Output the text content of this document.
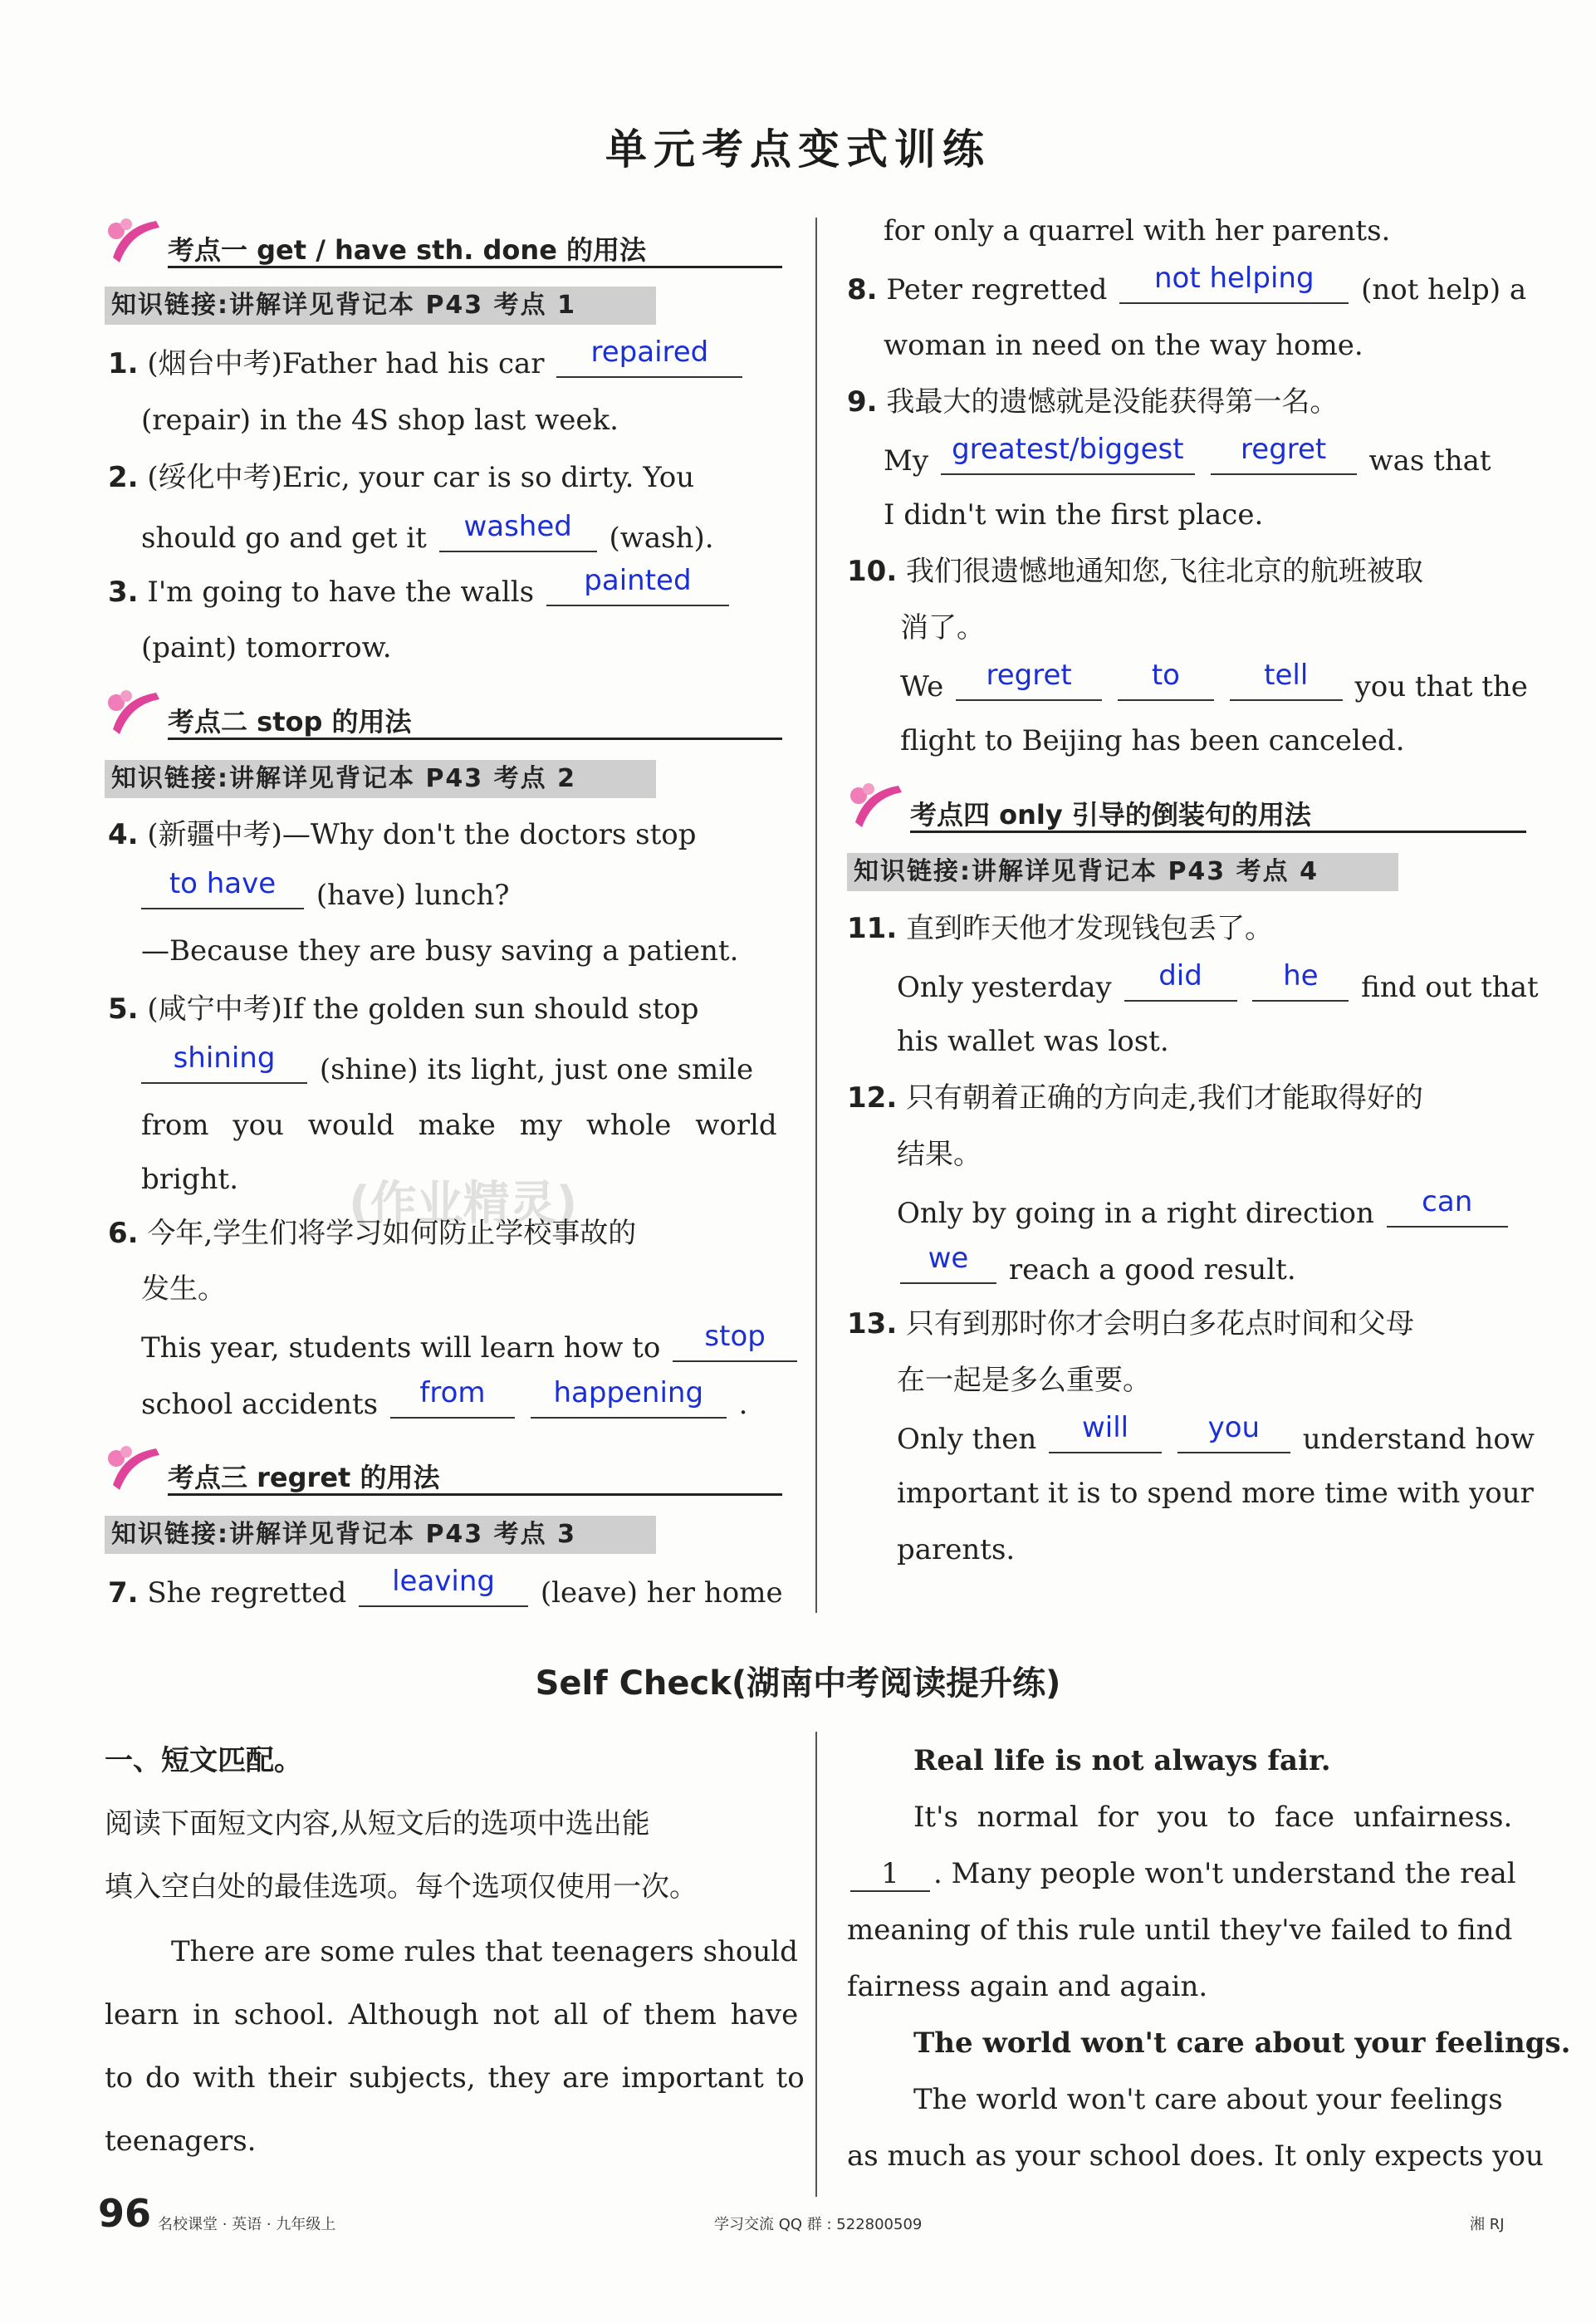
单元考点变式训练
考点一 get / have sth. done 的用法
知识链接:讲解详见背记本 P43 考点 1
1. (烟台中考)Father had his car repaired
(repair) in the 4S shop last week.
2. (绥化中考)Eric, your car is so dirty. You
should go and get it washed (wash).
3. I'm going to have the walls painted
(paint) tomorrow.
考点二 stop 的用法
知识链接:讲解详见背记本 P43 考点 2
4. (新疆中考)—Why don't the doctors stop
to have (have) lunch?
—Because they are busy saving a patient.
5. (咸宁中考)If the golden sun should stop
shining (shine) its light, just one smile
from you would make my whole world
bright. (作业精灵)
6. 今年,学生们将学习如何防止学校事故的
发生。
This year, students will learn how to stop
school accidents from happening .
考点三 regret 的用法
知识链接:讲解详见背记本 P43 考点 3
7. She regretted leaving (leave) her home
for only a quarrel with her parents.
8. Peter regretted not helping (not help) a
woman in need on the way home.
9. 我最大的遗憾就是没能获得第一名。
My greatest/biggest regret was that
I didn't win the first place.
10. 我们很遗憾地通知您,飞往北京的航班被取
消了。
We regret	to	tell you that the
flight to Beijing has been canceled.
考点四 only 引导的倒装句的用法
知识链接:讲解详见背记本 P43 考点 4
11. 直到昨天他才发现钱包丢了。
Only yesterday did	he find out that
his wallet was lost.
12. 只有朝着正确的方向走,我们才能取得好的
结果。
Only by going in a right direction can
we reach a good result.
13. 只有到那时你才会明白多花点时间和父母
在一起是多么重要。
Only then will	you understand how
important it is to spend more time with your
parents.
Self Check(湖南中考阅读提升练)
一、短文匹配。
阅读下面短文内容,从短文后的选项中选出能
填入空白处的最佳选项。每个选项仅使用一次。
There are some rules that teenagers should
learn in school. Although not all of them have
to do with their subjects, they are important to
teenagers.
Real life is not always fair.
It's normal for you to face unfairness.
1 . Many people won't understand the real
meaning of this rule until they've failed to find
fairness again and again.
The world won't care about your feelings.
The world won't care about your feelings
as much as your school does. It only expects you
96 名校课堂 · 英语 · 九年级上	学习交流 QQ 群 : 522800509	湘 RJ
